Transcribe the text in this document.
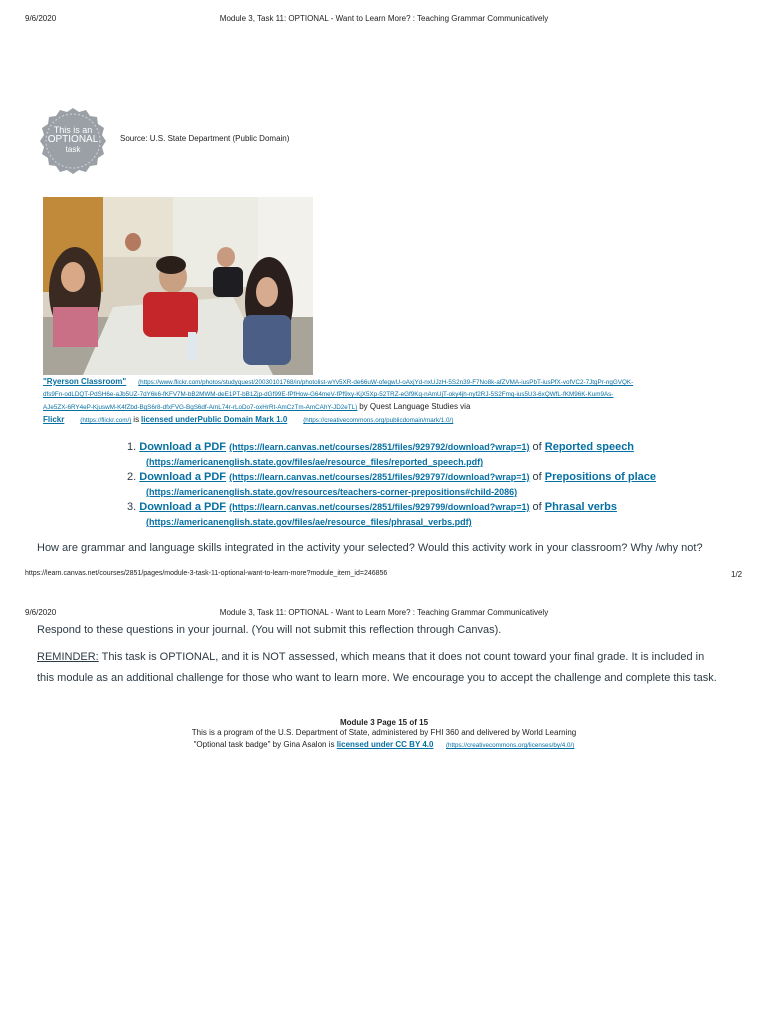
9/6/2020	Module 3, Task 11: OPTIONAL - Want to Learn More? : Teaching Grammar Communicatively
This is an
OPTIONAL
task
Source: U.S. State Department (Public Domain)
"Ryerson Classroom" (https://www.flickr.com/photos/studyquest/20030101768/in/photolist-wYv5XR-de66uW-ofegwU-oAxjYd-nxUJzH-5S2n39-F7No8k-afZVMA-iusPbT-iusPfX-vofVC2-7JtgPr-ngGVQK-
dfs9Fn-odLDQT-PdSH6e-aJb5UZ-7dY6k6-fKFV7M-bB2MWM-deE1PT-bB1Zjp-dGf99E-fPfHow-G64meV-fPf9xy-KjX5Xp-52TRZ-eGf9Kq-nAmUjT-oky4jh-nyf2RJ-5S2Fmq-ius5U3-6xQWfL-fKM96K-Kum9As-
AJe5ZX-6RY4eP-KjuswM-K4fZbd-BgS6r8-dfxFVG-BgS6df-AmL74r-rLoDo7-oxHrRt-AmCzTm-AmCAhY-JD2eTL) by Quest Language Studies via
Flickr	(https://flickr.com/) is licensed underPublic Domain Mark 1.0	(https://creativecommons.org/publicdomain/mark/1.0/)
1. Download a PDF (https://learn.canvas.net/courses/2851/files/929792/download?wrap=1) of Reported speech
(https://americanenglish.state.gov/files/ae/resource_files/reported_speech.pdf)
2. Download a PDF (https://learn.canvas.net/courses/2851/files/929797/download?wrap=1) of Prepositions of place
(https://americanenglish.state.gov/resources/teachers-corner-prepositions#child-2086)
3. Download a PDF (https://learn.canvas.net/courses/2851/files/929799/download?wrap=1) of Phrasal verbs
(https://americanenglish.state.gov/files/ae/resource_files/phrasal_verbs.pdf)
How are grammar and language skills integrated in the activity your selected? Would this activity work in your classroom? Why /why not?
https://learn.canvas.net/courses/2851/pages/module-3-task-11-optional-want-to-learn-more?module_item_id=246856	1/2
9/6/2020	Module 3, Task 11: OPTIONAL - Want to Learn More? : Teaching Grammar Communicatively
Respond to these questions in your journal. (You will not submit this reflection through Canvas).
REMINDER: This task is OPTIONAL, and it is NOT assessed, which means that it does not count toward your final grade. It is included in this module as an additional challenge for those who want to learn more. We encourage you to accept the challenge and complete this task.
Module 3 Page 15 of 15
This is a program of the U.S. Department of State, administered by FHI 360 and delivered by World Learning
"Optional task badge" by Gina Asalon is licensed under CC BY 4.0 (https://creativecommons.org/licenses/by/4.0/)
